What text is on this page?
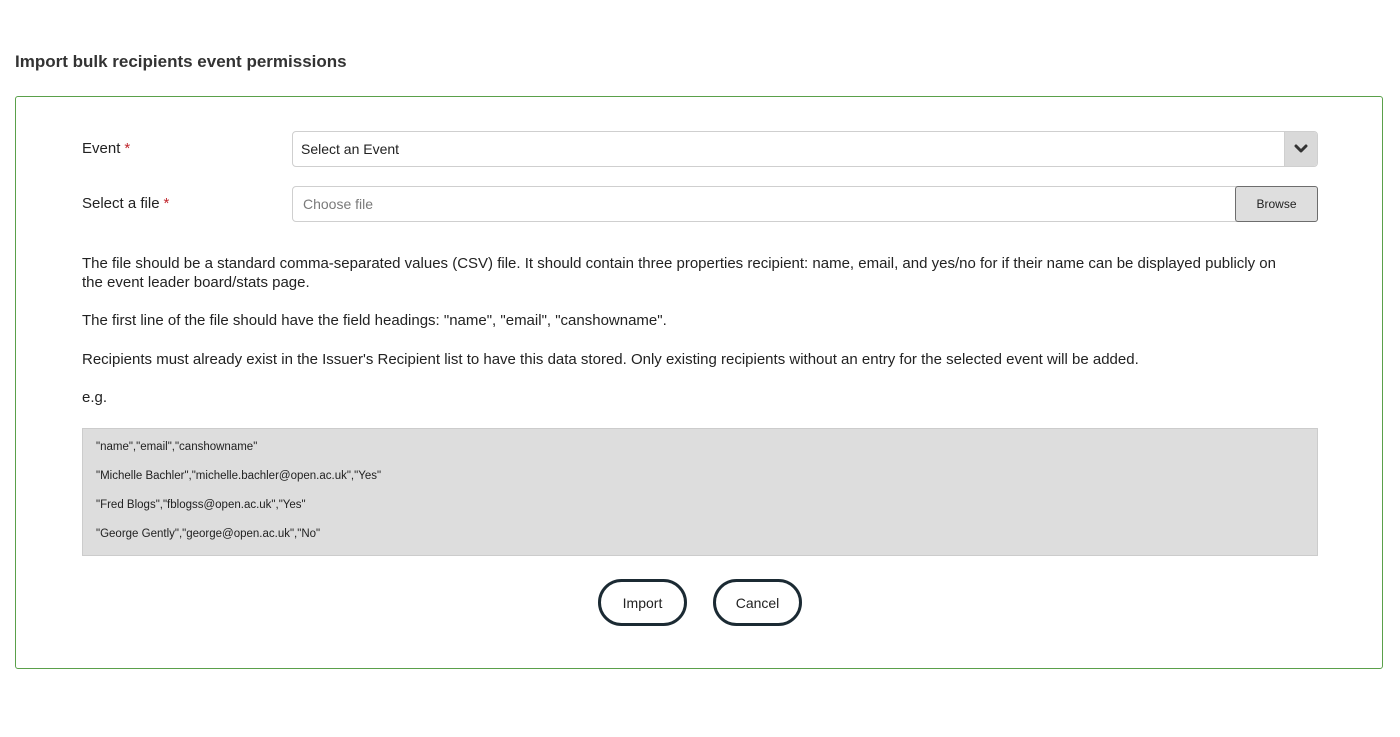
Import bulk recipients event permissions
Event *	Select an Event
Select a file *	Choose file	Browse

The file should be a standard comma-separated values (CSV) file. It should contain three properties recipient: name, email, and yes/no for if their name can be displayed publicly on the event leader board/stats page.

The first line of the file should have the field headings: "name", "email", "canshowname".

Recipients must already exist in the Issuer's Recipient list to have this data stored. Only existing recipients without an entry for the selected event will be added.

e.g.

"name","email","canshowname"
"Michelle Bachler","michelle.bachler@open.ac.uk","Yes"
"Fred Blogs","fblogss@open.ac.uk","Yes"
"George Gently","george@open.ac.uk","No"
Import	Cancel
